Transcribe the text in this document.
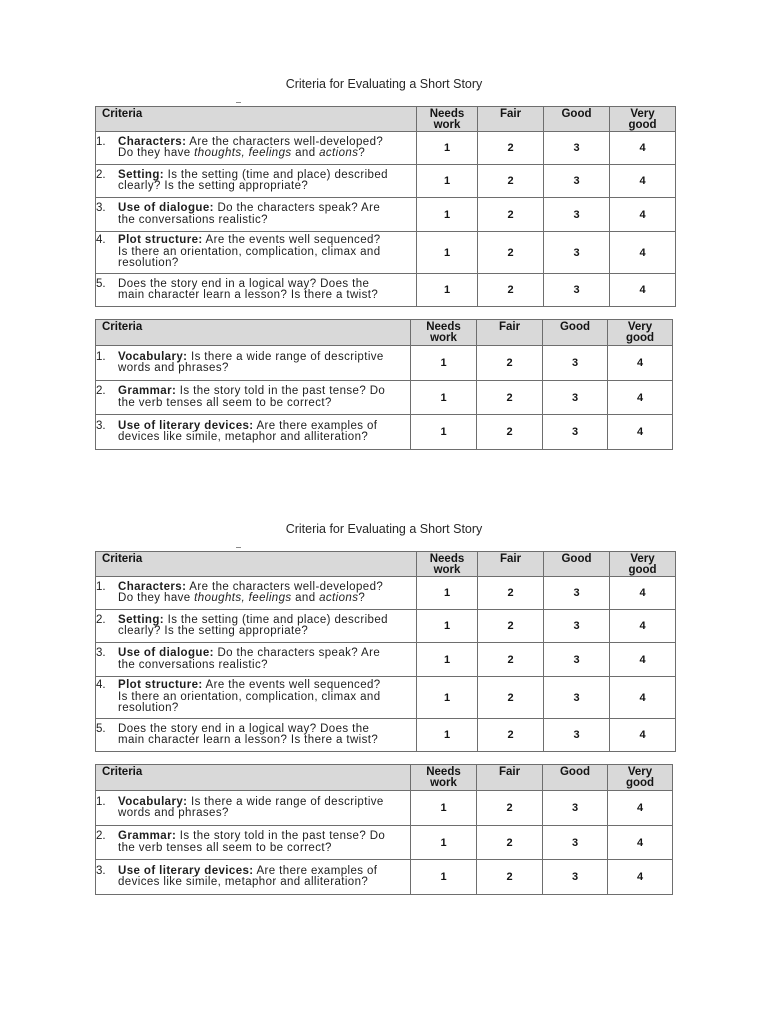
Criteria for Evaluating a Short Story
Criteria	Needs work	Fair	Good	Very good

1. Characters: Are the characters well-developed?
Do they have thoughts, feelings and actions?	1	2	3	4

2. Setting: Is the setting (time and place) described
clearly? Is the setting appropriate?	1	2	3	4

3. Use of dialogue: Do the characters speak? Are
the conversations realistic?	1	2	3	4

4. Plot structure: Are the events well sequenced?
Is there an orientation, complication, climax and
resolution?	1	2	3	4

5. Does the story end in a logical way? Does the
main character learn a lesson? Is there a twist?	1	2	3	4
Criteria	Needs work	Fair	Good	Very good

1. Vocabulary: Is there a wide range of descriptive
words and phrases?	1	2	3	4

2. Grammar: Is the story told in the past tense? Do
the verb tenses all seem to be correct?	1	2	3	4

3. Use of literary devices: Are there examples of
devices like simile, metaphor and alliteration?	1	2	3	4
Criteria for Evaluating a Short Story
Criteria	Needs work	Fair	Good	Very good

1. Characters: Are the characters well-developed?
Do they have thoughts, feelings and actions?	1	2	3	4

2. Setting: Is the setting (time and place) described
clearly? Is the setting appropriate?	1	2	3	4

3. Use of dialogue: Do the characters speak? Are
the conversations realistic?	1	2	3	4

4. Plot structure: Are the events well sequenced?
Is there an orientation, complication, climax and
resolution?	1	2	3	4

5. Does the story end in a logical way? Does the
main character learn a lesson? Is there a twist?	1	2	3	4
Criteria	Needs work	Fair	Good	Very good

1. Vocabulary: Is there a wide range of descriptive
words and phrases?	1	2	3	4

2. Grammar: Is the story told in the past tense? Do
the verb tenses all seem to be correct?	1	2	3	4

3. Use of literary devices: Are there examples of
devices like simile, metaphor and alliteration?	1	2	3	4
